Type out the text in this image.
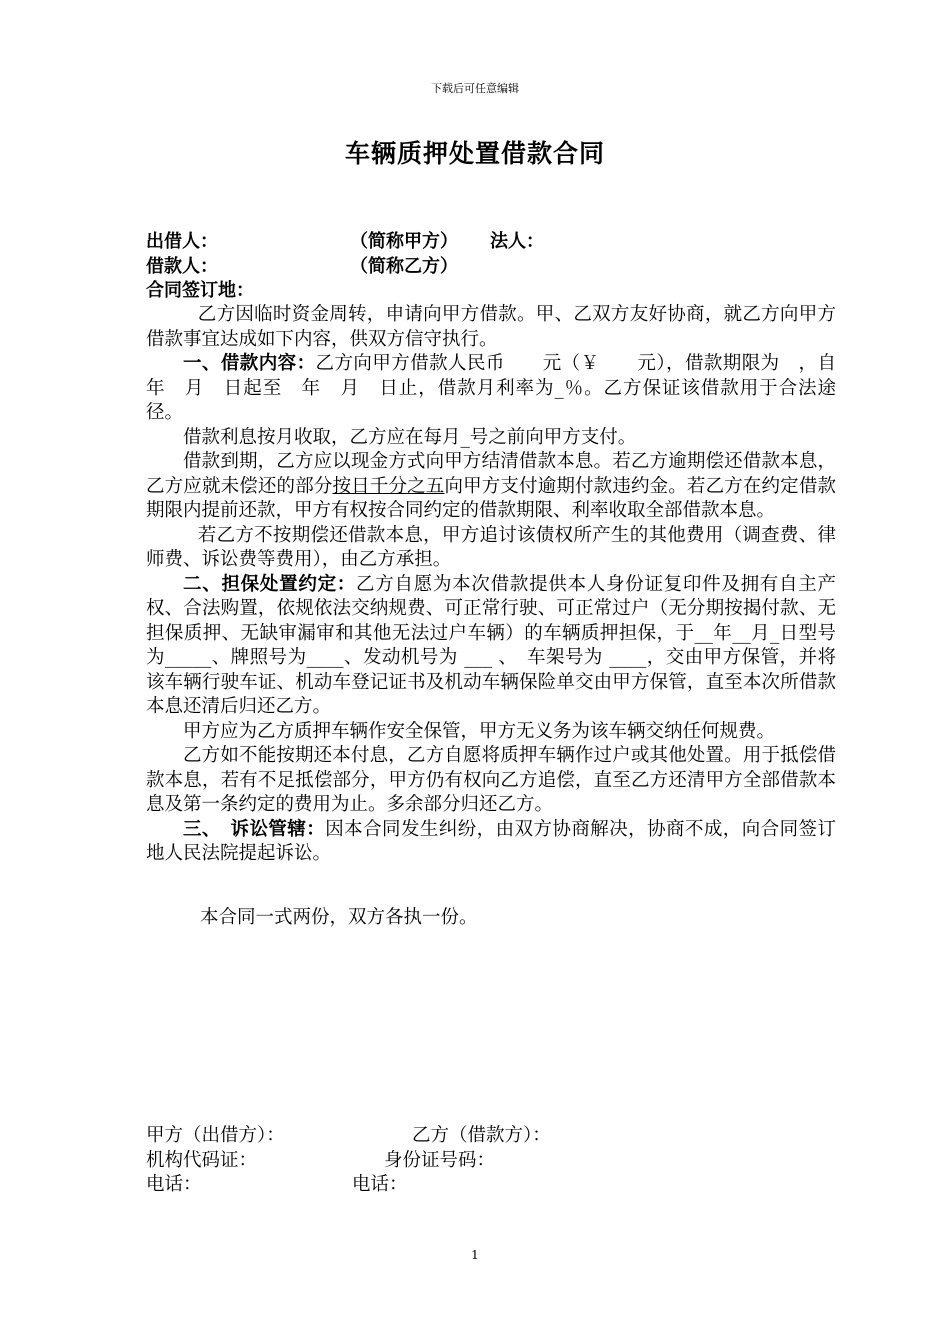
下载后可任意编辑
车辆质押处置借款合同
出借人：	（简称甲方） 法人：
借款人：	（简称乙方）
合同签订地：

乙方因临时资金周转，申请向甲方借款。甲、乙双方友好协商，就乙方向甲方借款事宜达成如下内容，供双方信守执行。

一、借款内容：乙方向甲方借款人民币　　元（￥　　元），借款期限为　，自　年　月　日起至　年　月　日止，借款月利率为_％。乙方保证该借款用于合法途径。

借款利息按月收取，乙方应在每月_号之前向甲方支付。

借款到期，乙方应以现金方式向甲方结清借款本息。若乙方逾期偿还借款本息，乙方应就未偿还的部分按日千分之五向甲方支付逾期付款违约金。若乙方在约定借款期限内提前还款，甲方有权按合同约定的借款期限、利率收取全部借款本息。

若乙方不按期偿还借款本息，甲方追讨该债权所产生的其他费用（调查费、律师费、诉讼费等费用），由乙方承担。

二、担保处置约定：乙方自愿为本次借款提供本人身份证复印件及拥有自主产权、合法购置，依规依法交纳规费、可正常行驶、可正常过户（无分期按揭付款、无担保质押、无缺审漏审和其他无法过户车辆）的车辆质押担保，于__年__月_日型号为_____、牌照号为____、发动机号为 ___ 、　车架号为 ____，交由甲方保管，并将该车辆行驶车证、机动车登记证书及机动车辆保险单交由甲方保管，直至本次所借款本息还清后归还乙方。

甲方应为乙方质押车辆作安全保管，甲方无义务为该车辆交纳任何规费。

乙方如不能按期还本付息，乙方自愿将质押车辆作过户或其他处置。用于抵偿借款本息，若有不足抵偿部分，甲方仍有权向乙方追偿，直至乙方还清甲方全部借款本息及第一条约定的费用为止。多余部分归还乙方。

三、　诉讼管辖：因本合同发生纠纷，由双方协商解决，协商不成，向合同签订地人民法院提起诉讼。

本合同一式两份，双方各执一份。

甲方（出借方）：	乙方（借款方）：
机构代码证：	身份证号码：
电话：	电话：
1
